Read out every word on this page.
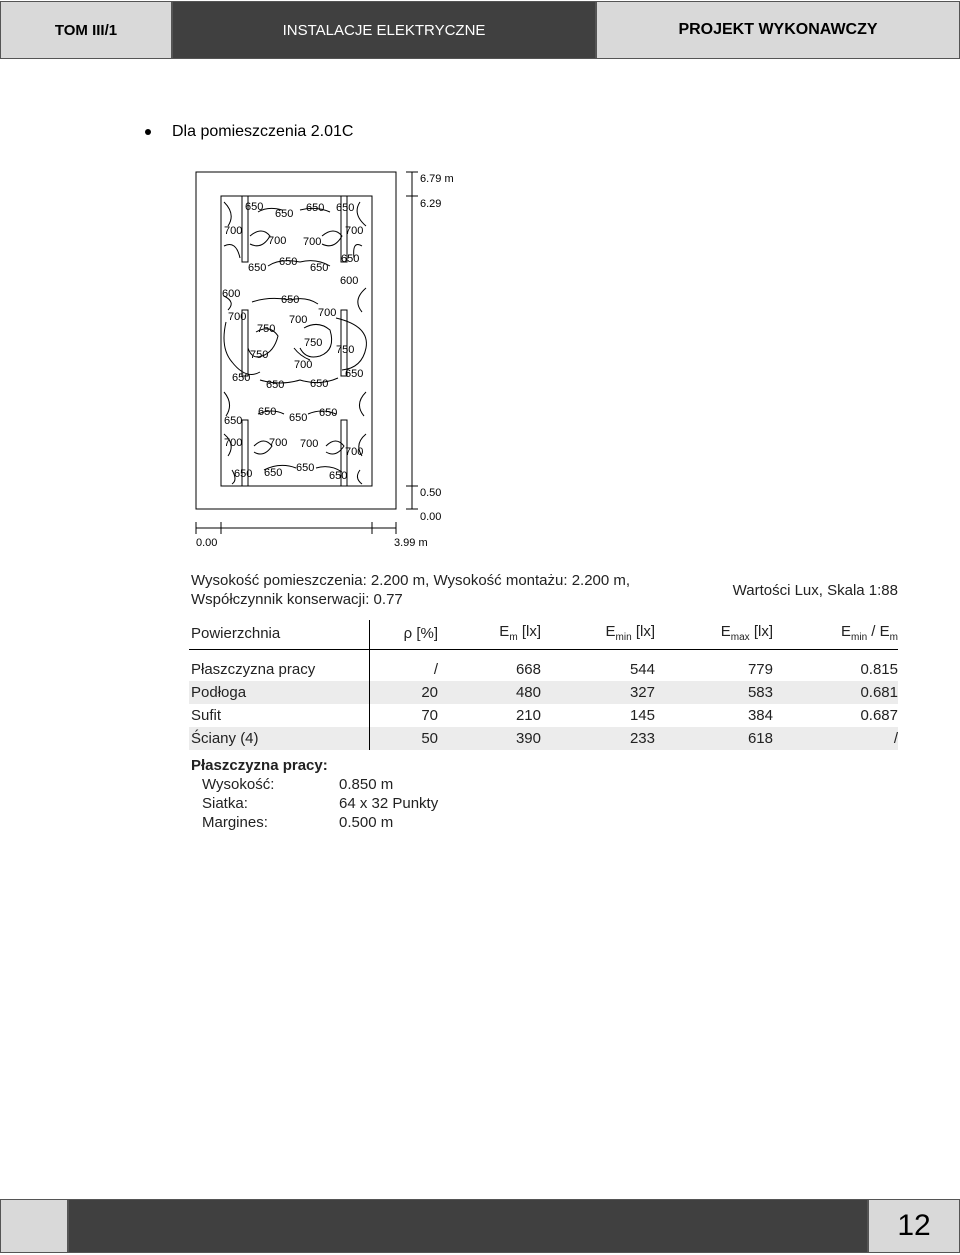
TOM III/1	INSTALACJE ELEKTRYCZNE	PROJEKT WYKONAWCZY
Dla pomieszczenia 2.01C
650
650 650 650
700
700 700
700
650 650 650
650
600
600
650
700	700
700
750
750
750	750
700
650
650 650
650
650 650 650
650
700 700 700
700
650 650 650
650
6.79 m
6.29
0.50
0.00
0.00	3.99 m
Wysokość pomieszczenia: 2.200 m, Wysokość montażu: 2.200 m,
Współczynnik konserwacji: 0.77
Wartości Lux, Skala 1:88
Powierzchnia	ρ [%]	$E_m$ [lx]	$E_{min}$ [lx]	$E_{max}$ [lx]	$E_{min} / E_m$

Płaszczyzna pracy	/	668	544	779	0.815
Podłoga	20	480	327	583	0.681
Sufit	70	210	145	384	0.687
Ściany (4)	50	390	233	618	/
Płaszczyzna pracy:
Wysokość:	0.850 m
Siatka:	64 x 32 Punkty
Margines:	0.500 m
12
